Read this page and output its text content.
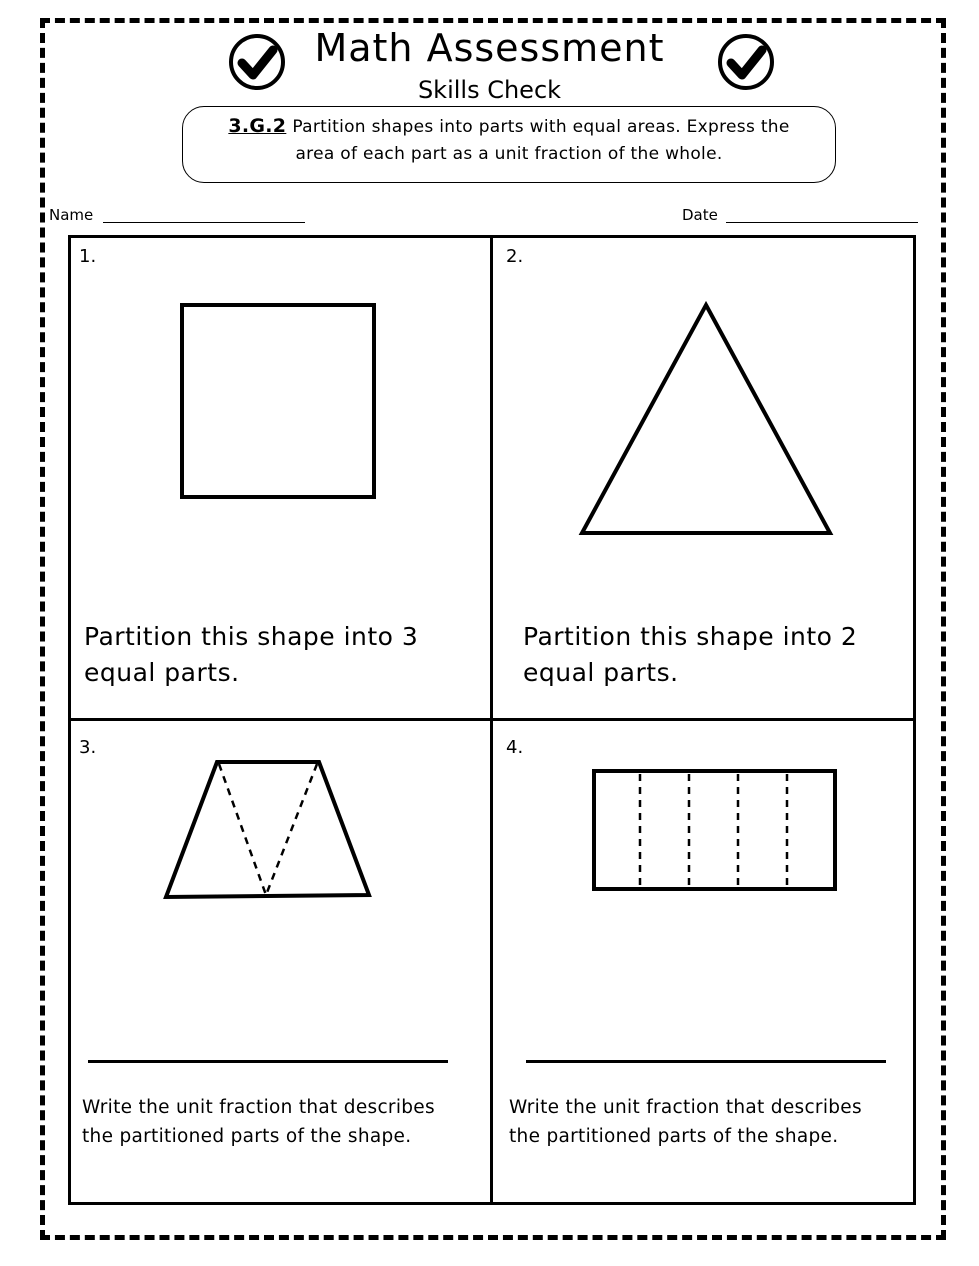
Math Assessment
Skills Check
3.G.2 Partition shapes into parts with equal areas. Express the
area of each part as a unit fraction of the whole.
Name	Date
1.
Partition this shape into 3
equal parts.
2.
Partition this shape into 2
equal parts.
3.
Write the unit fraction that describes
the partitioned parts of the shape.
4.
Write the unit fraction that describes
the partitioned parts of the shape.
